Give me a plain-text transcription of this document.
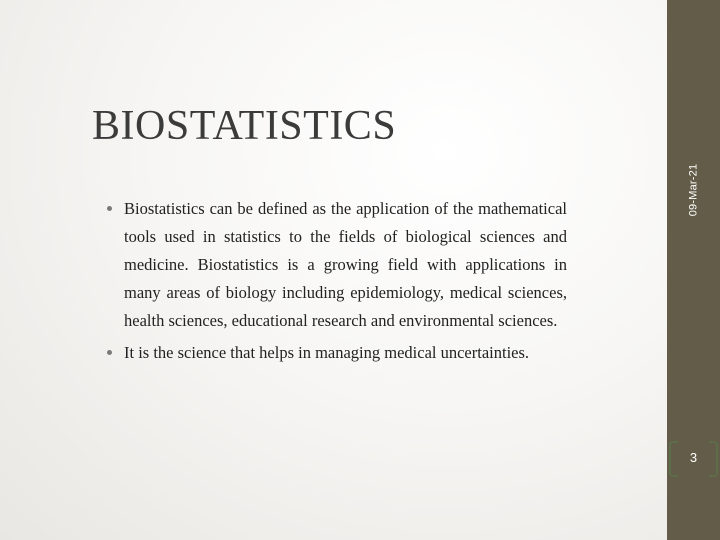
09-Mar-21
BIOSTATISTICS
Biostatistics can be defined as the application of the mathematical tools used in statistics to the fields of biological sciences and medicine. Biostatistics is a growing field with applications in many areas of biology including epidemiology, medical sciences, health sciences, educational research and environmental sciences.
It is the science that helps in managing medical uncertainties.
3
